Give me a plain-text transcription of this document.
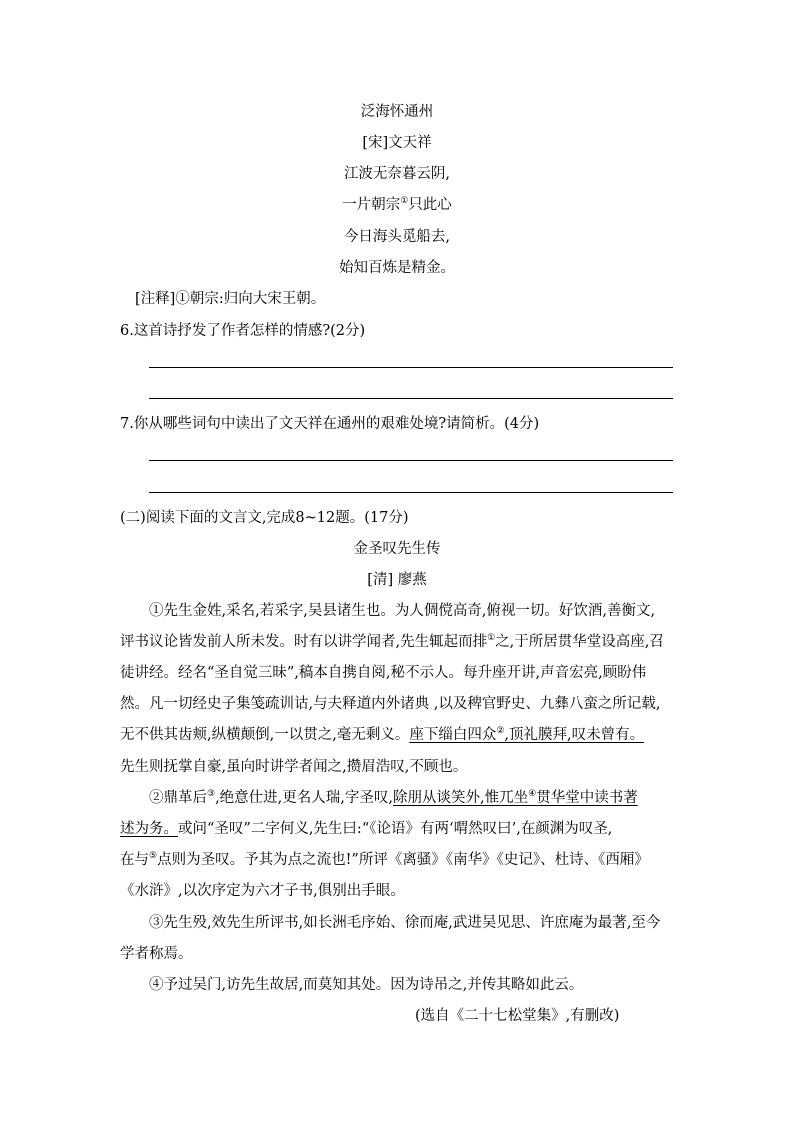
泛海怀通州
[宋]文天祥
江波无奈暮云阴,
一片朝宗①只此心
今日海头觅船去,
始知百炼是精金。
[注释]①朝宗:归向大宋王朝。
6.这首诗抒发了作者怎样的情感?(2分)
7.你从哪些词句中读出了文天祥在通州的艰难处境?请简析。(4分)
(二)阅读下面的文言文,完成8~12题。(17分)
金圣叹先生传
[清] 廖燕
①先生金姓,采名,若采字,吴县诸生也。为人倜傥高奇,俯视一切。好饮酒,善衡文,
评书议论皆发前人所未发。时有以讲学闻者,先生辄起而排①之,于所居贯华堂设高座,召
徒讲经。经名“圣自觉三昧”,稿本自携自阅,秘不示人。每升座开讲,声音宏亮,顾盼伟
然。凡一切经史子集笺疏训诂,与夫释道内外诸典 ,以及稗官野史、九彝八蛮之所记载,
无不供其齿颊,纵横颠倒,一以贯之,毫无剩义。座下缁白四众②,顶礼膜拜,叹未曾有。
先生则抚掌自豪,虽向时讲学者闻之,攒眉浩叹,不顾也。
②鼎革后③,绝意仕进,更名人瑞,字圣叹,除朋从谈笑外,惟兀坐④贯华堂中读书著
述为务。或问“圣叹”二字何义,先生曰:“《论语》有两‘喟然叹曰’,在颜渊为叹圣,
在与⑤点则为圣叹。予其为点之流也!”所评《离骚》《南华》《史记》、杜诗、《西厢》
《水浒》,以次序定为六才子书,俱别出手眼。
③先生殁,效先生所评书,如长洲毛序始、徐而庵,武进吴见思、许庶庵为最著,至今
学者称焉。
④予过吴门,访先生故居,而莫知其处。因为诗吊之,并传其略如此云。
(选自《二十七松堂集》,有删改)
